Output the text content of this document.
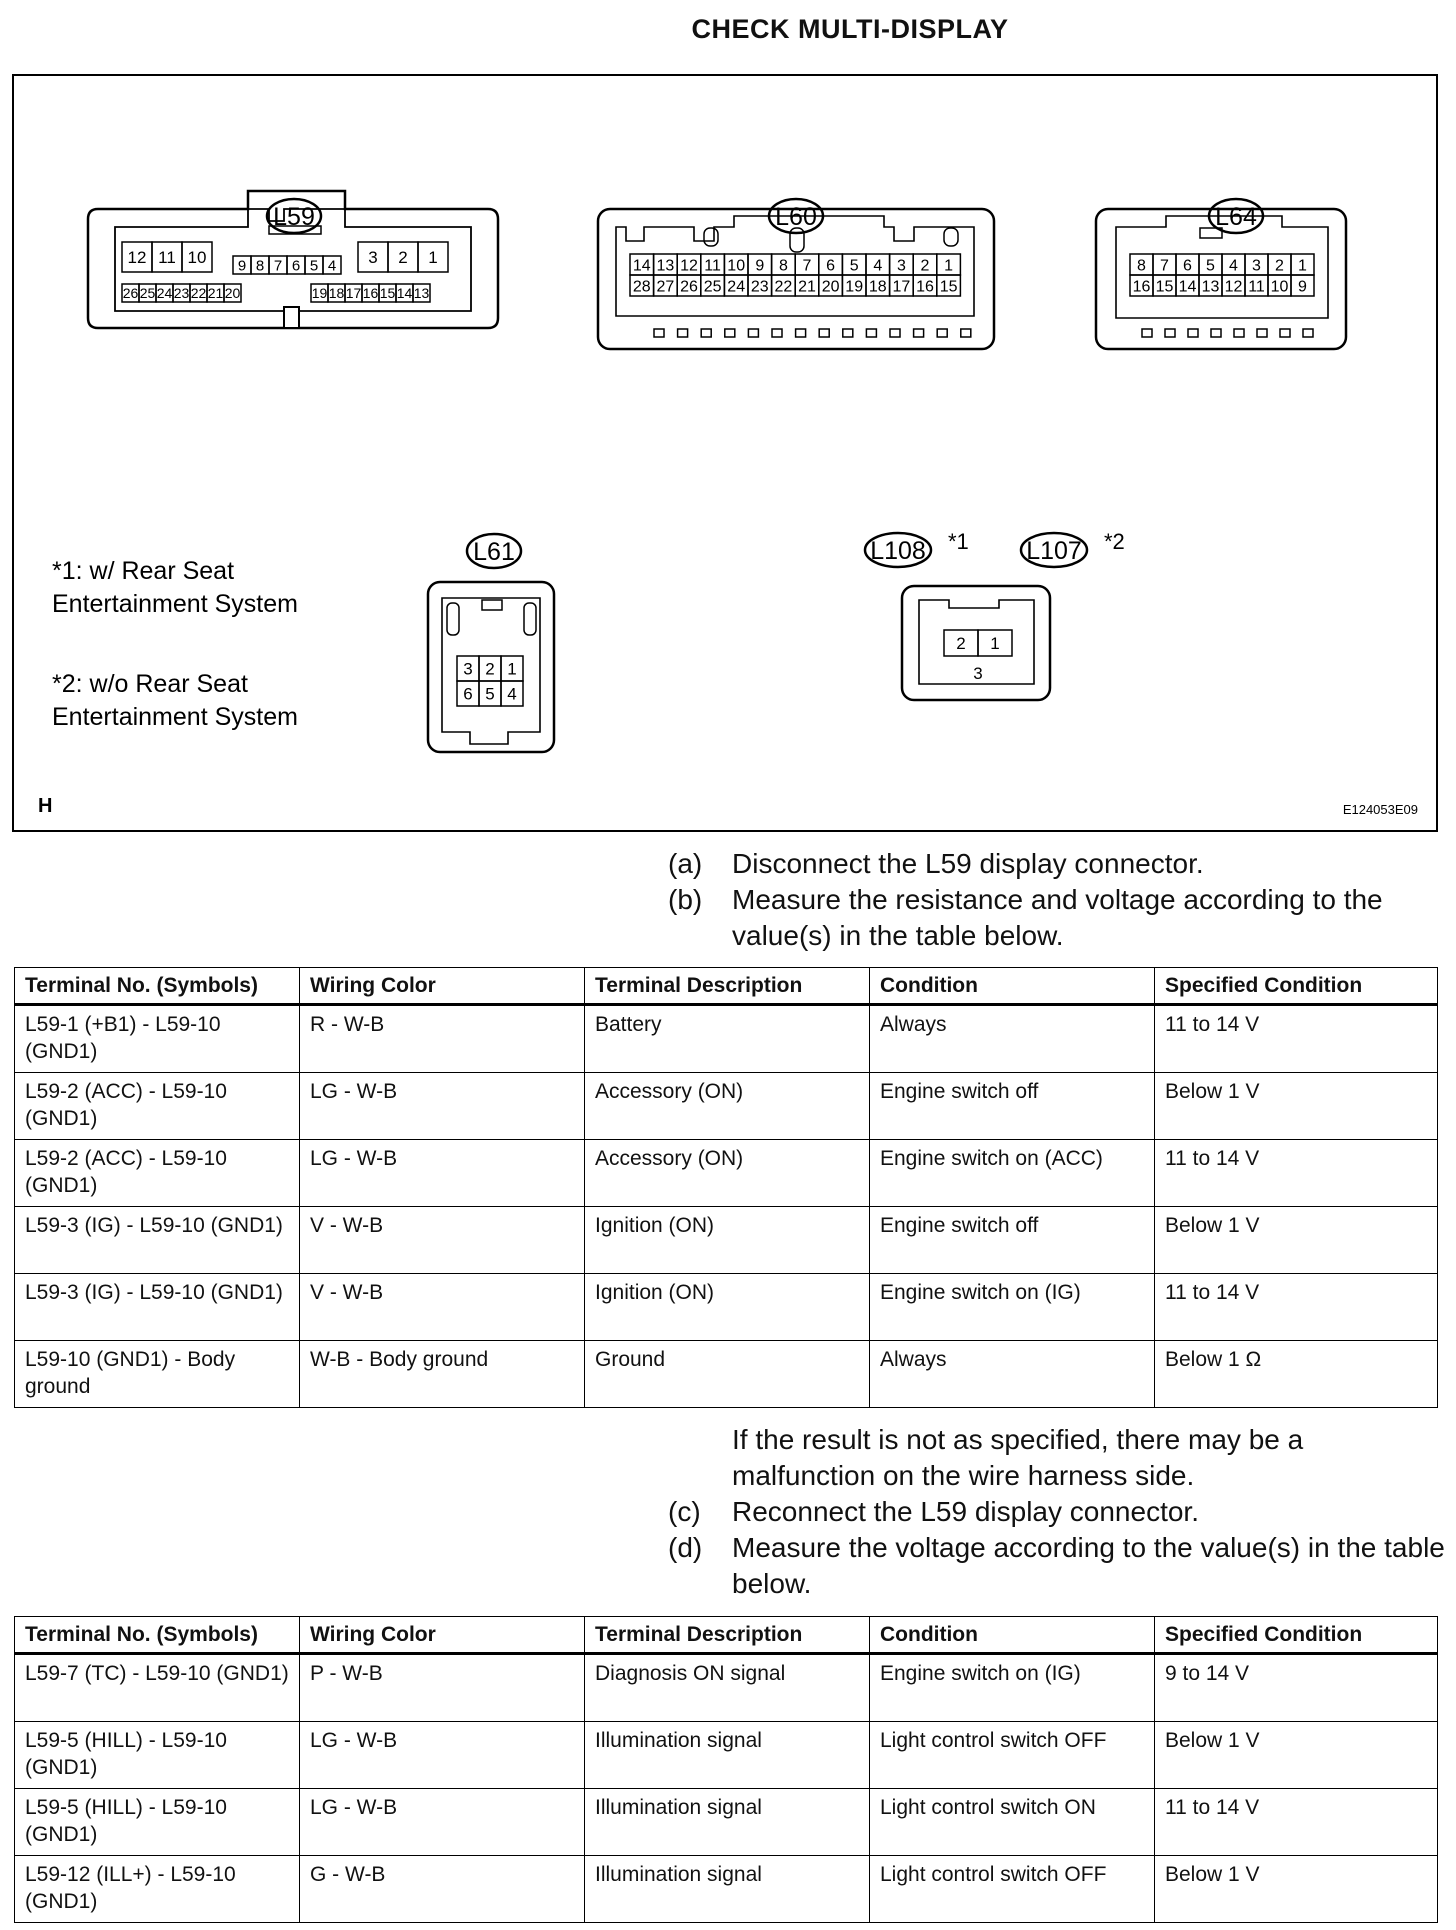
CHECK MULTI-DISPLAY
12 11 10 9 8 7 6 5 4 3 2 1
26 25 24 23 22 21 20	19 18 17 16 15 14 13
14 13 12 11 10 9 8 7 6 5 4 3 2 1
28 27 26 25 24 23 22 21 20 19 18 17 16 15
8 7 6 5 4 3 2 1
16 15 14 13 12 11 10 9
3 2 1
6 5 4
2 1
3
L59	L60	L64
L61	L108	L107
*1	*2
*1: w/ Rear Seat
Entertainment System
*2: w/o Rear Seat
Entertainment System
H	E124053E09
(a)	Disconnect the L59 display connector.
(b)	Measure the resistance and voltage according to the value(s) in the table below.
Terminal No. (Symbols)	Wiring Color	Terminal Description	Condition	Specified Condition
L59-1 (+B1) - L59-10 (GND1)	R - W-B	Battery	Always	11 to 14 V
L59-2 (ACC) - L59-10 (GND1)	LG - W-B	Accessory (ON)	Engine switch off	Below 1 V
L59-2 (ACC) - L59-10 (GND1)	LG - W-B	Accessory (ON)	Engine switch on (ACC)	11 to 14 V
L59-3 (IG) - L59-10 (GND1)	V - W-B	Ignition (ON)	Engine switch off	Below 1 V
L59-3 (IG) - L59-10 (GND1)	V - W-B	Ignition (ON)	Engine switch on (IG)	11 to 14 V
L59-10 (GND1) - Body ground	W-B - Body ground	Ground	Always	Below 1 Ω
If the result is not as specified, there may be a
malfunction on the wire harness side.
(c)	Reconnect the L59 display connector.
(d)	Measure the voltage according to the value(s) in the table below.
Terminal No. (Symbols)	Wiring Color	Terminal Description	Condition	Specified Condition
L59-7 (TC) - L59-10 (GND1)	P - W-B	Diagnosis ON signal	Engine switch on (IG)	9 to 14 V
L59-5 (HILL) - L59-10 (GND1)	LG - W-B	Illumination signal	Light control switch OFF	Below 1 V
L59-5 (HILL) - L59-10 (GND1)	LG - W-B	Illumination signal	Light control switch ON	11 to 14 V
L59-12 (ILL+) - L59-10 (GND1)	G - W-B	Illumination signal	Light control switch OFF	Below 1 V
